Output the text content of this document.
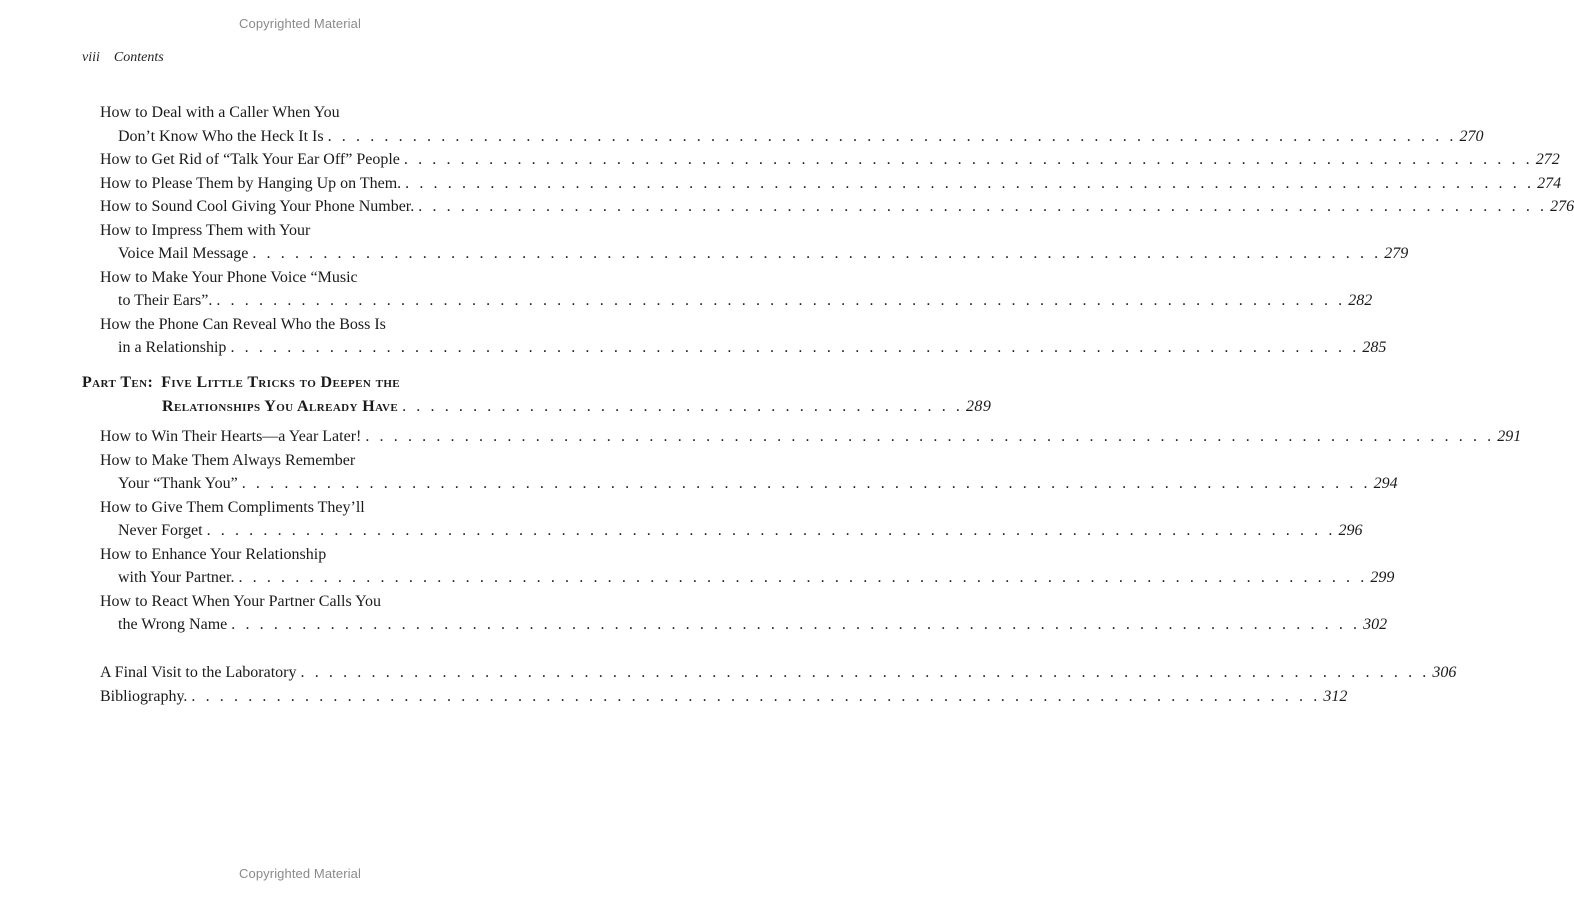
Copyrighted Material
viii Contents
How to Deal with a Caller When You
Don’t Know Who the Heck It Is . . . . . . . . . . . . . . . . . . . . . . . . . . . . . . . . . . . . . . . . . . . . . . . . . . . . . . . . . . . . . . . . . . . . . . . . . . . . . . . . 270
How to Get Rid of “Talk Your Ear Off” People . . . . . . . . . . . . . . . . . . . . . . . . . . . . . . . . . . . . . . . . . . . . . . . . . . . . . . . . . . . . . . . . . . . . . . . . . . . . . . . . 272
How to Please Them by Hanging Up on Them. . . . . . . . . . . . . . . . . . . . . . . . . . . . . . . . . . . . . . . . . . . . . . . . . . . . . . . . . . . . . . . . . . . . . . . . . . . . . . . . . 274
How to Sound Cool Giving Your Phone Number. . . . . . . . . . . . . . . . . . . . . . . . . . . . . . . . . . . . . . . . . . . . . . . . . . . . . . . . . . . . . . . . . . . . . . . . . . . . . . . . . 276
How to Impress Them with Your
Voice Mail Message . . . . . . . . . . . . . . . . . . . . . . . . . . . . . . . . . . . . . . . . . . . . . . . . . . . . . . . . . . . . . . . . . . . . . . . . . . . . . . . . 279
How to Make Your Phone Voice “Music
to Their Ears”. . . . . . . . . . . . . . . . . . . . . . . . . . . . . . . . . . . . . . . . . . . . . . . . . . . . . . . . . . . . . . . . . . . . . . . . . . . . . . . . . 282
How the Phone Can Reveal Who the Boss Is
in a Relationship . . . . . . . . . . . . . . . . . . . . . . . . . . . . . . . . . . . . . . . . . . . . . . . . . . . . . . . . . . . . . . . . . . . . . . . . . . . . . . . . 285
Part Ten: Five Little Tricks to Deepen the
Relationships You Already Have . . . . . . . . . . . . . . . . . . . . . . . . . . . . . . . . . . . . . . . . 289
How to Win Their Hearts—a Year Later! . . . . . . . . . . . . . . . . . . . . . . . . . . . . . . . . . . . . . . . . . . . . . . . . . . . . . . . . . . . . . . . . . . . . . . . . . . . . . . . . 291
How to Make Them Always Remember
Your “Thank You” . . . . . . . . . . . . . . . . . . . . . . . . . . . . . . . . . . . . . . . . . . . . . . . . . . . . . . . . . . . . . . . . . . . . . . . . . . . . . . . . 294
How to Give Them Compliments They’ll
Never Forget . . . . . . . . . . . . . . . . . . . . . . . . . . . . . . . . . . . . . . . . . . . . . . . . . . . . . . . . . . . . . . . . . . . . . . . . . . . . . . . . 296
How to Enhance Your Relationship
with Your Partner. . . . . . . . . . . . . . . . . . . . . . . . . . . . . . . . . . . . . . . . . . . . . . . . . . . . . . . . . . . . . . . . . . . . . . . . . . . . . . . . . 299
How to React When Your Partner Calls You
the Wrong Name . . . . . . . . . . . . . . . . . . . . . . . . . . . . . . . . . . . . . . . . . . . . . . . . . . . . . . . . . . . . . . . . . . . . . . . . . . . . . . . . 302
A Final Visit to the Laboratory . . . . . . . . . . . . . . . . . . . . . . . . . . . . . . . . . . . . . . . . . . . . . . . . . . . . . . . . . . . . . . . . . . . . . . . . . . . . . . . . 306
Bibliography. . . . . . . . . . . . . . . . . . . . . . . . . . . . . . . . . . . . . . . . . . . . . . . . . . . . . . . . . . . . . . . . . . . . . . . . . . . . . . . . . 312
Copyrighted Material
